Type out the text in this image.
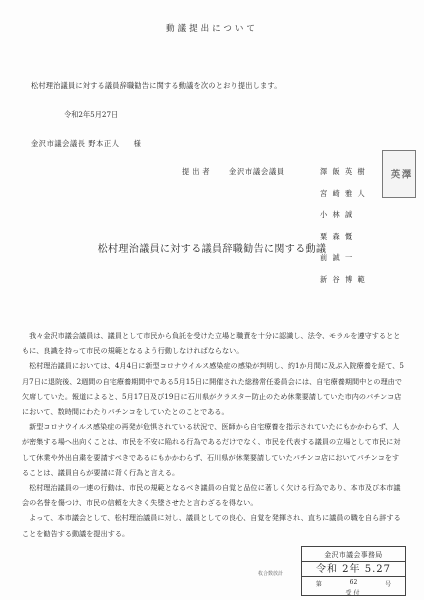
動議提出について
松村理治議員に対する議員辞職勧告に関する動議を次のとおり提出します。
令和2年5月27日
金沢市議会議長 野本正人 様
提出者 金沢市議会議員	澤飯英樹
宮崎雅人
小林誠
粟森慨
前誠一
新谷博範
澤
英
松村理治議員に対する議員辞職勧告に関する動議

我々金沢市議会議員は、議員として市民から負託を受けた立場と職責を十分に認識し、法令、モラルを遵守するとともに、良識を持って市民の規範となるよう行動しなければならない。

松村理治議員においては、4月4日に新型コロナウイルス感染症の感染が判明し、約1か月間に及ぶ入院療養を経て、5月7日に退院後、2週間の自宅療養期間中である5月15日に開催された総務常任委員会には、自宅療養期間中との理由で欠席していた。報道によると、5月17日及び19日に石川県がクラスター防止のため休業要請していた市内のパチンコ店において、数時間にわたりパチンコをしていたとのことである。

新型コロナウイルス感染症の再発が危惧されている状況で、医師から自宅療養を指示されていたにもかかわらず、人が密集する場へ出向くことは、市民を不安に陥れる行為であるだけでなく、市民を代表する議員の立場として市民に対して休業や外出自粛を要請すべきであるにもかかわらず、石川県が休業要請していたパチンコ店においてパチンコをすることは、議員自らが要請に背く行為と言える。

松村理治議員の一連の行動は、市民の規範となるべき議員の自覚と品位に著しく欠ける行為であり、本市及び本市議会の名誉を傷つけ、市民の信頼を大きく失墜させたと言わざるを得ない。

よって、本市議会として、松村理治議員に対し、議員としての良心、自覚を発揮され、直ちに議員の職を自ら辞することを勧告する動議を提出する。

枚合数放計
金沢市議会事務局
令和 2年 5.27
第	62	号
受付
